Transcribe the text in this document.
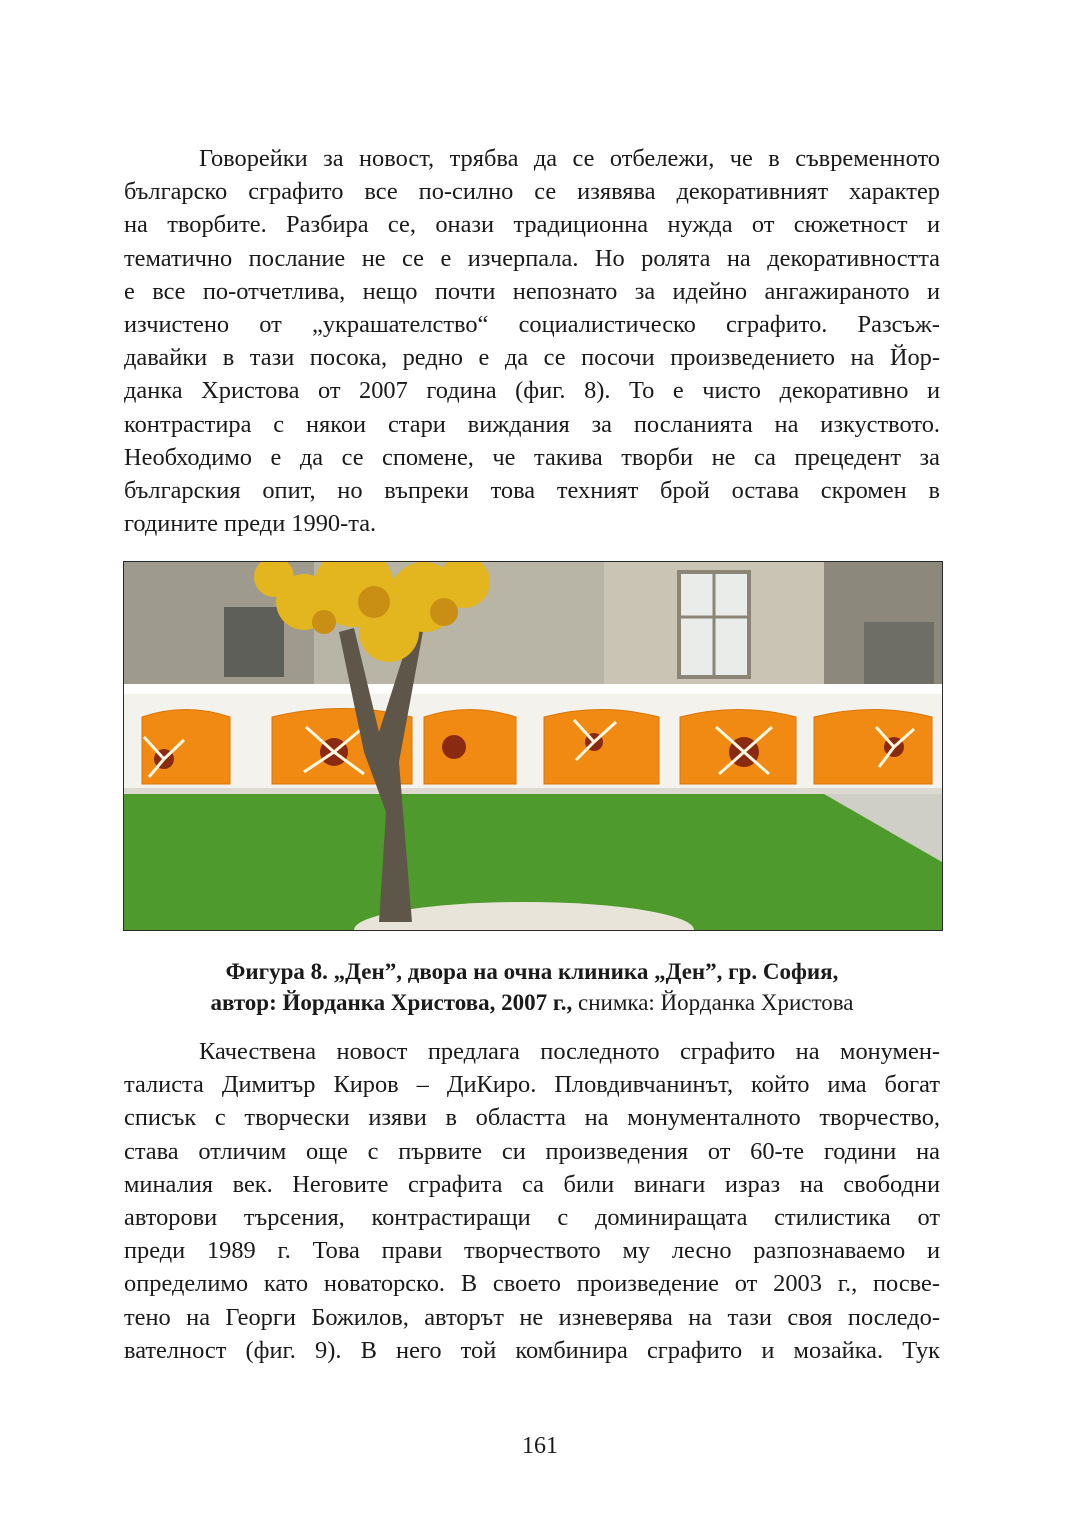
Говорейки за новост, трябва да се отбележи, че в съвременното
българско сграфито все по-силно се изявява декоративният характер
на творбите. Разбира се, онази традиционна нужда от сюжетност и
тематично послание не се е изчерпала. Но ролята на декоративността
е все по-отчетлива, нещо почти непознато за идейно ангажираното и
изчистено от „украшателство“ социалистическо сграфито. Разсъж-
давайки в тази посока, редно е да се посочи произведението на Йор-
данка Христова от 2007 година (фиг. 8). То е чисто декоративно и
контрастира с някои стари виждания за посланията на изкуството.
Необходимо е да се спомене, че такива творби не са прецедент за
българския опит, но въпреки това техният брой остава скромен в
годините преди 1990-та.
Фигура 8. „Ден”, двора на очна клиника „Ден”, гр. София,
автор: Йорданка Христова, 2007 г., снимка: Йорданка Христова
Качествена новост предлага последното сграфито на монумен-
талиста Димитър Киров – ДиКиро. Пловдивчанинът, който има богат
списък с творчески изяви в областта на монументалното творчество,
става отличим още с първите си произведения от 60-те години на
миналия век. Неговите сграфита са били винаги израз на свободни
авторови търсения, контрастиращи с доминиращата стилистика от
преди 1989 г. Това прави творчеството му лесно разпознаваемо и
определимо като новаторско. В своето произведение от 2003 г., посве-
тено на Георги Божилов, авторът не изневерява на тази своя последо-
вателност (фиг. 9). В него той комбинира сграфито и мозайка. Тук
161
